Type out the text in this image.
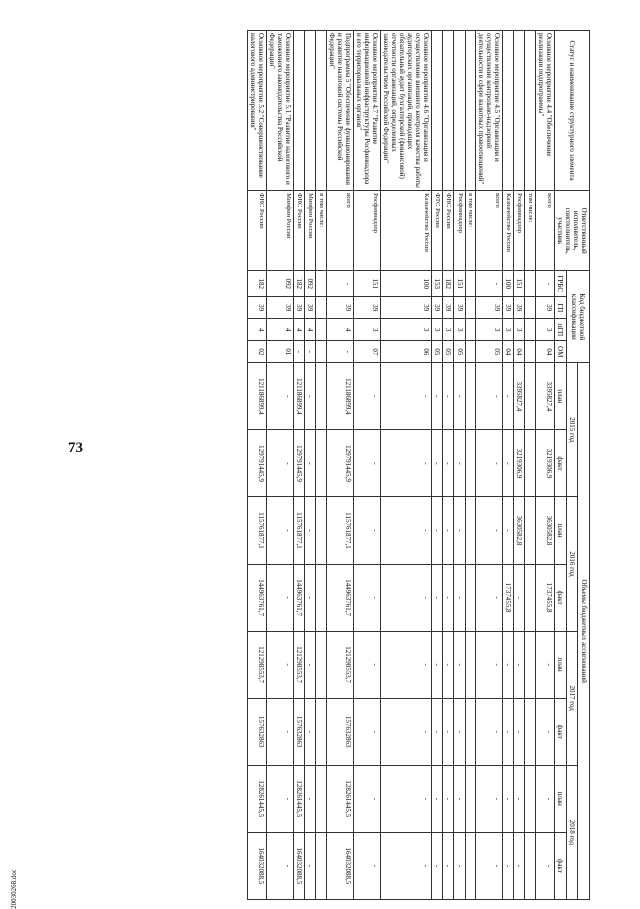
73
20030268.doc
Статус и наименование структурного элемента	Ответственный исполнитель, соисполнитель, участник	Код бюджетной классификации				Объемы бюджетных ассигнований							
						2015 год		2016 год		2017 год		2018 год	
		ГРБС	ГП	пГП	ОМ	план	факт	план	факт	план	факт	план	факт
Основное мероприятие 4.4 "Обеспечение реализации подпрограммы"	всего	-	39	3	04	3395827,4	3219306,9	3630582,8	1737455,8	-	-	-	-
	том числе:												
	Росфиннадзор	151	39	3	04	3395827,4	3219306,9	3630582,8	-	-	-	-	-
	Казначейство России	100	39	3	04	-	-	-	1737455,8	-	-	-	-
Основное мероприятие 4.5 "Организация и осуществление контрольно-надзорной деятельности в сфере валютных правоотношений"	всего	-	39	3	05	-	-	-	-	-	-	-	-
	в том числе:												
	Росфиннадзор	151	39	3	05	-	-	-	-	-	-	-	-
	ФНС России	182	39	3	05	-	-	-	-	-	-	-	-
	ФТС России	153	39	3	05	-	-	-	-	-	-	-	-
Основное мероприятие 4.6 "Организация и осуществление внешнего контроля качества работы аудиторских организаций, проводящих обязательный аудит бухгалтерской (финансовой) отчетности организаций, определенных законодательством Российской Федерации"	Казначейство России	100	39	3	06	-	-	-	-	-	-	-	-
Основное мероприятие 4.7 "Развитие информационной инфраструктуры Росфиннадзора и его территориальных органов"	Росфиннадзор	151	39	3	07	-	-	-	-	-	-	-	-
Подпрограмма 5 "Обеспечение функционирования и развитие налоговой системы Российской Федерации"	всего	-	39	4	-	121186899,4	129791445,9	115761877,1	144963761,7	121298553,7	157632863	128261445,5	164032088,5
	в том числе:												
	Минфин России	092	39	4	-	-	-	-	-	-	-	-	-
	ФНС России	182	39	4	-	121186899,4	129791445,9	115761877,1	144963761,7	121298553,7	157632863	128261445,5	164032088,5
Основное мероприятие 5.1 "Развитие налогового и таможенного законодательства Российской Федерации"	Минфин России	092	39	4	01	-	-	-	-	-	-	-	-
Основное мероприятие 5.2 "Совершенствование налогового администрирования"	ФНС России	182	39	4	02	121186899,4	129791445,9	115761877,1	144963761,7	121298553,7	157632863	128261445,5	164032088,5
